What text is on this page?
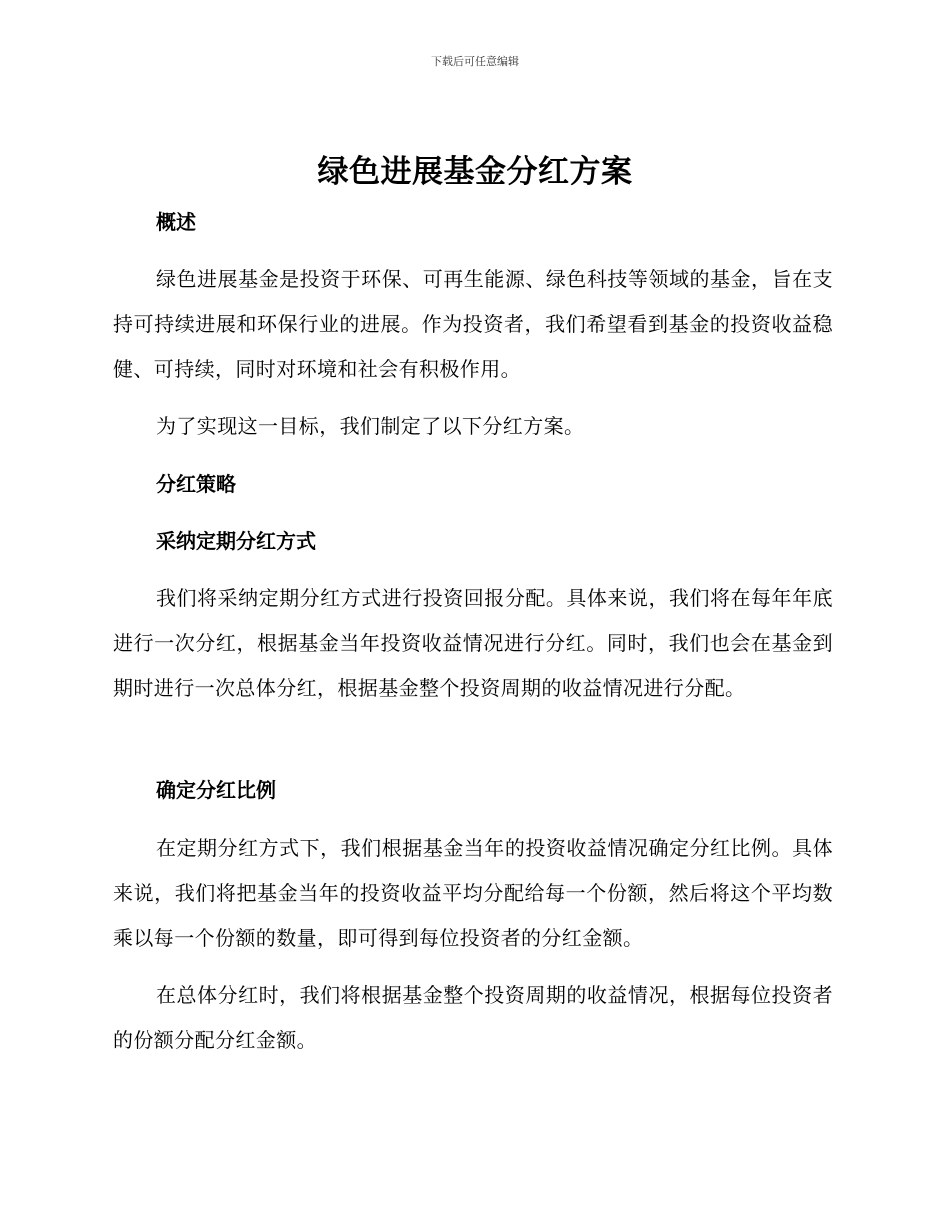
下载后可任意编辑
绿色进展基金分红方案
概述

绿色进展基金是投资于环保、可再生能源、绿色科技等领域的基金，旨在支持可持续进展和环保行业的进展。作为投资者，我们希望看到基金的投资收益稳健、可持续，同时对环境和社会有积极作用。

为了实现这一目标，我们制定了以下分红方案。

分红策略
采纳定期分红方式

我们将采纳定期分红方式进行投资回报分配。具体来说，我们将在每年年底进行一次分红，根据基金当年投资收益情况进行分红。同时，我们也会在基金到期时进行一次总体分红，根据基金整个投资周期的收益情况进行分配。

确定分红比例

在定期分红方式下，我们根据基金当年的投资收益情况确定分红比例。具体来说，我们将把基金当年的投资收益平均分配给每一个份额，然后将这个平均数乘以每一个份额的数量，即可得到每位投资者的分红金额。

在总体分红时，我们将根据基金整个投资周期的收益情况，根据每位投资者的份额分配分红金额。
